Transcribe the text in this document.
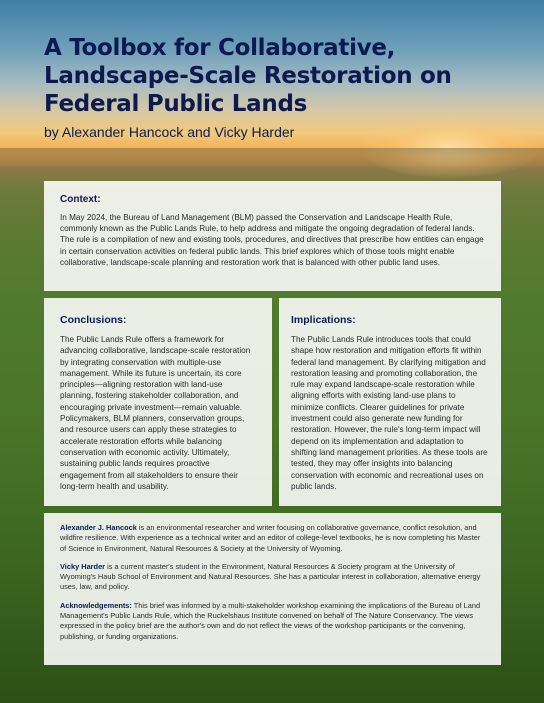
A Toolbox for Collaborative, Landscape-Scale Restoration on Federal Public Lands
by Alexander Hancock and Vicky Harder
Context:

In May 2024, the Bureau of Land Management (BLM) passed the Conservation and Landscape Health Rule, commonly known as the Public Lands Rule, to help address and mitigate the ongoing degradation of federal lands. The rule is a compilation of new and existing tools, procedures, and directives that prescribe how entities can engage in certain conservation activities on federal public lands. This brief explores which of those tools might enable collaborative, landscape-scale planning and restoration work that is balanced with other public land uses.

Conclusions:

The Public Lands Rule offers a framework for advancing collaborative, landscape-scale restoration by integrating conservation with multiple-use management. While its future is uncertain, its core principles—aligning restoration with land-use planning, fostering stakeholder collaboration, and encouraging private investment—remain valuable. Policymakers, BLM planners, conservation groups, and resource users can apply these strategies to accelerate restoration efforts while balancing conservation with economic activity. Ultimately, sustaining public lands requires proactive engagement from all stakeholders to ensure their long-term health and usability.

Implications:

The Public Lands Rule introduces tools that could shape how restoration and mitigation efforts fit within federal land management. By clarifying mitigation and restoration leasing and promoting collaboration, the rule may expand landscape-scale restoration while aligning efforts with existing land-use plans to minimize conflicts. Clearer guidelines for private investment could also generate new funding for restoration. However, the rule's long-term impact will depend on its implementation and adaptation to shifting land management priorities. As these tools are tested, they may offer insights into balancing conservation with economic and recreational uses on public lands.

Alexander J. Hancock is an environmental researcher and writer focusing on collaborative governance, conflict resolution, and wildfire resilience. With experience as a technical writer and an editor of college-level textbooks, he is now completing his Master of Science in Environment, Natural Resources & Society at the University of Wyoming.

Vicky Harder is a current master's student in the Environment, Natural Resources & Society program at the University of Wyoming's Haub School of Environment and Natural Resources. She has a particular interest in collaboration, alternative energy uses, law, and policy.

Acknowledgements: This brief was informed by a multi-stakeholder workshop examining the implications of the Bureau of Land Management's Public Lands Rule, which the Ruckelshaus Institute convened on behalf of The Nature Conservancy. The views expressed in the policy brief are the author's own and do not reflect the views of the workshop participants or the convening, publishing, or funding organizations.
